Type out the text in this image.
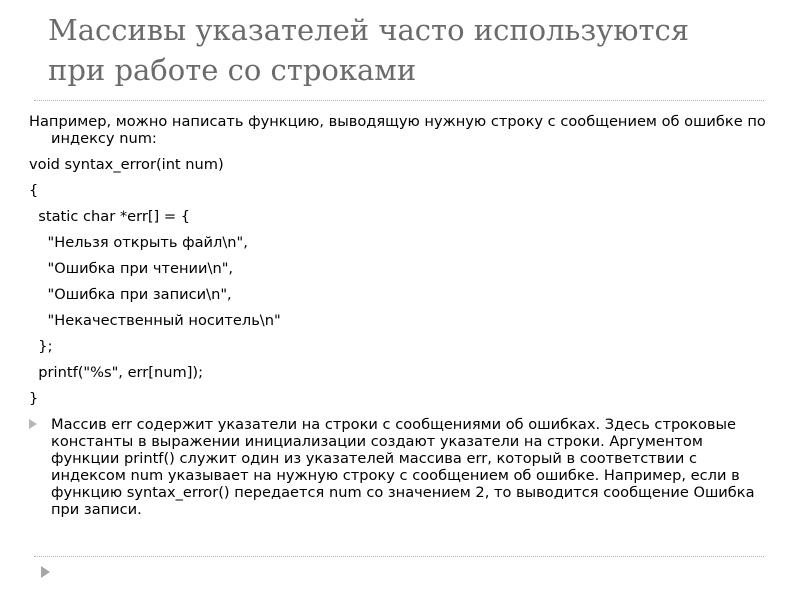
Массивы указателей часто используются
при работе со строками

Например, можно написать функцию, выводящую нужную строку с сообщением об ошибке по индексу num:

void syntax_error(int num)
{
static char *err[] = {
"Нельзя открыть файл\n",
"Ошибка при чтении\n",
"Ошибка при записи\n",
"Некачественный носитель\n"
};
printf("%s", err[num]);
}
Массив err содержит указатели на строки с сообщениями об ошибках. Здесь строковые константы в выражении инициализации создают указатели на строки. Аргументом функции printf() служит один из указателей массива err, который в соответствии с индексом num указывает на нужную строку с сообщением об ошибке. Например, если в функцию syntax_error() передается num со значением 2, то выводится сообщение Ошибка при записи.
